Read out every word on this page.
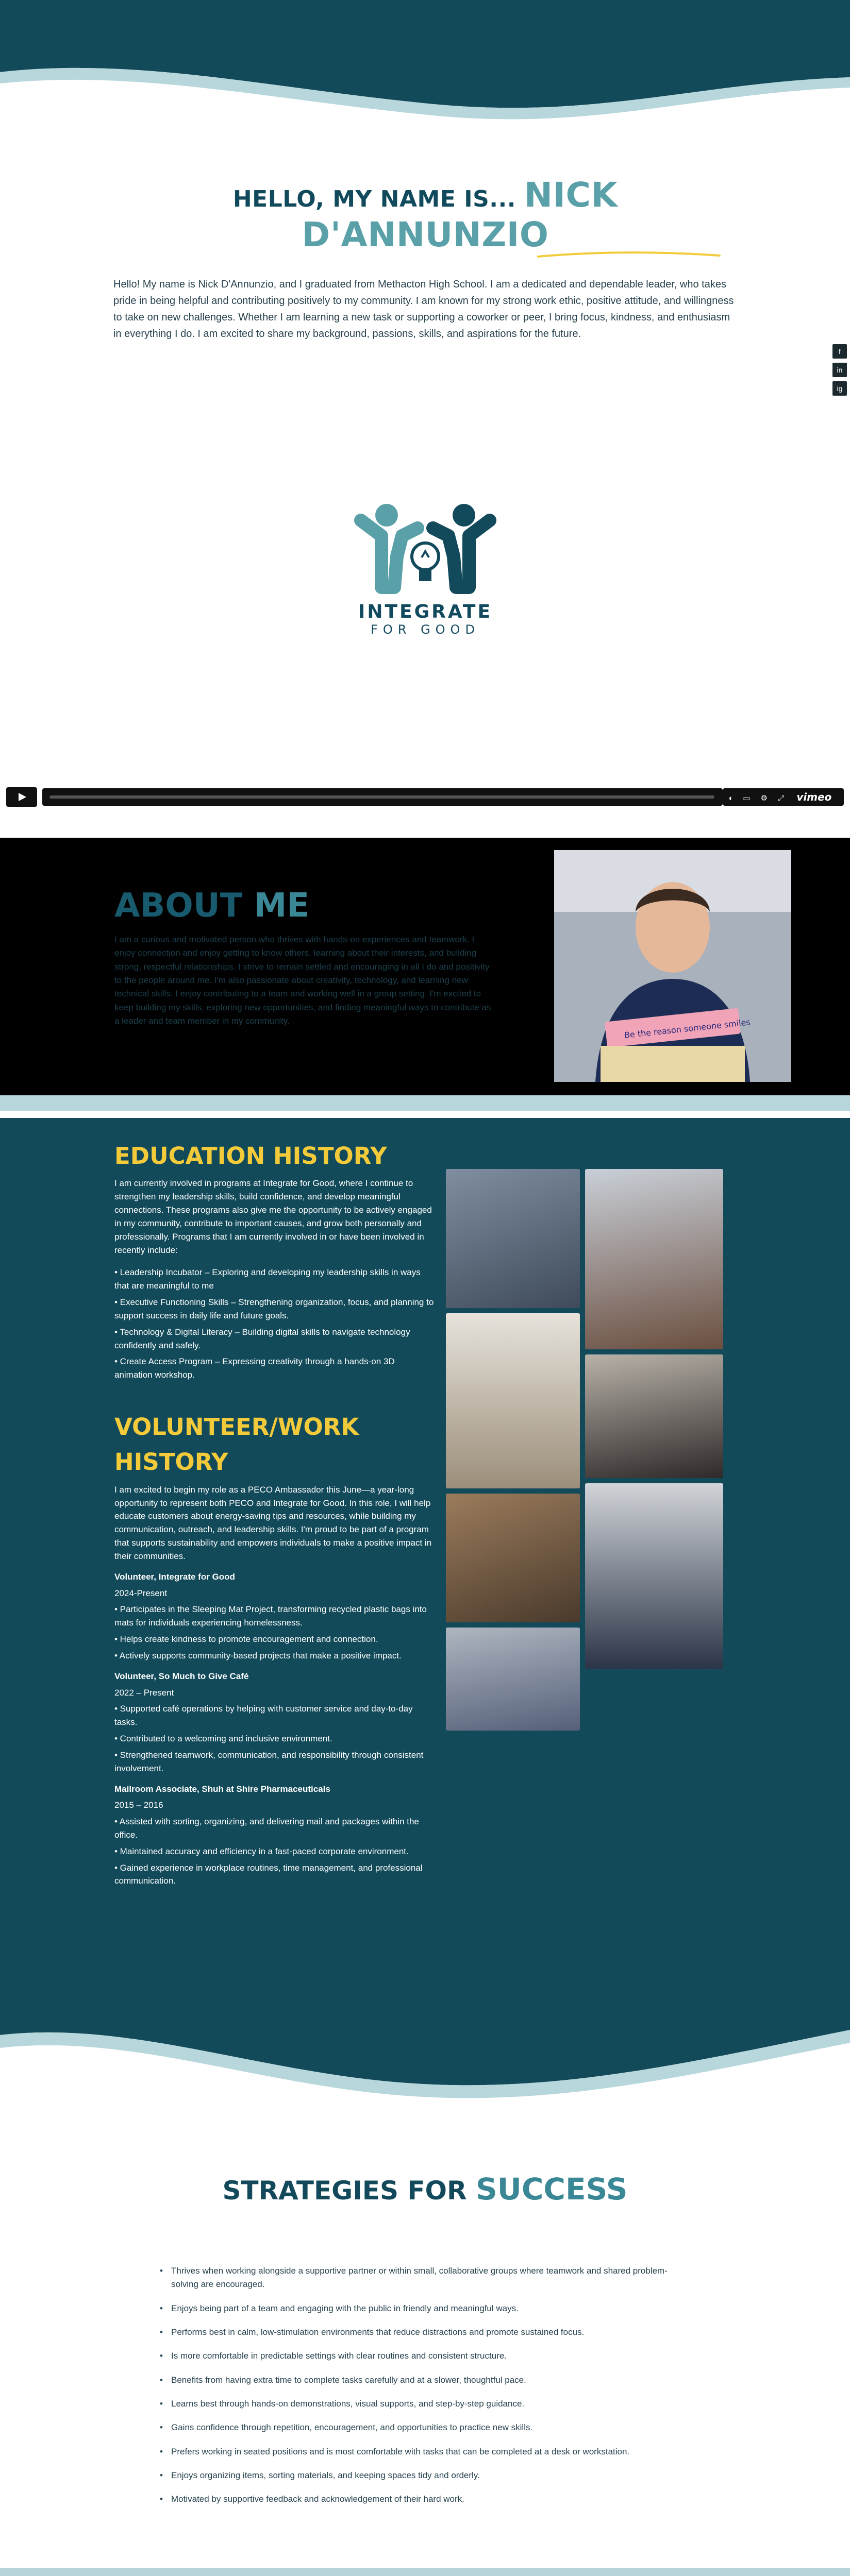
HELLO, MY NAME IS... NICK D'ANNUNZIO

Hello! My name is Nick D'Annunzio, and I graduated from Methacton High School. I am a dedicated and dependable leader, who takes pride in being helpful and contributing positively to my community. I am known for my strong work ethic, positive attitude, and willingness to take on new challenges. Whether I am learning a new task or supporting a coworker or peer, I bring focus, kindness, and enthusiasm in everything I do. I am excited to share my background, passions, skills, and aspirations for the future.

f
in
ig
INTEGRATE
FOR GOOD
◖ ▭ ⚙ ⤢ vimeo
ABOUT ME

I am a curious and motivated person who thrives with hands-on experiences and teamwork. I enjoy connection and enjoy getting to know others, learning about their interests, and building strong, respectful relationships. I strive to remain settled and encouraging in all I do and positivity to the people around me. I'm also passionate about creativity, technology, and learning new technical skills. I enjoy contributing to a team and working well in a group setting. I'm excited to keep building my skills, exploring new opportunities, and finding meaningful ways to contribute as a leader and team member in my community.	Be the reason someone smiles
EDUCATION HISTORY

I am currently involved in programs at Integrate for Good, where I continue to strengthen my leadership skills, build confidence, and develop meaningful connections. These programs also give me the opportunity to be actively engaged in my community, contribute to important causes, and grow both personally and professionally. Programs that I am currently involved in or have been involved in recently include:

• Leadership Incubator – Exploring and developing my leadership skills in ways that are meaningful to me

• Executive Functioning Skills – Strengthening organization, focus, and planning to support success in daily life and future goals.

• Technology & Digital Literacy – Building digital skills to navigate technology confidently and safely.

• Create Access Program – Expressing creativity through a hands-on 3D animation workshop.

VOLUNTEER/WORK HISTORY

I am excited to begin my role as a PECO Ambassador this June—a year-long opportunity to represent both PECO and Integrate for Good. In this role, I will help educate customers about energy-saving tips and resources, while building my communication, outreach, and leadership skills. I'm proud to be part of a program that supports sustainability and empowers individuals to make a positive impact in their communities.

Volunteer, Integrate for Good

2024-Present

• Participates in the Sleeping Mat Project, transforming recycled plastic bags into mats for individuals experiencing homelessness.

• Helps create kindness to promote encouragement and connection.

• Actively supports community-based projects that make a positive impact.

Volunteer, So Much to Give Café

2022 – Present

• Supported café operations by helping with customer service and day-to-day tasks.

• Contributed to a welcoming and inclusive environment.

• Strengthened teamwork, communication, and responsibility through consistent involvement.

Mailroom Associate, Shuh at Shire Pharmaceuticals

2015 – 2016

• Assisted with sorting, organizing, and delivering mail and packages within the office.

• Maintained accuracy and efficiency in a fast-paced corporate environment.

• Gained experience in workplace routines, time management, and professional communication.

STRATEGIES FOR SUCCESS
• Thrives when working alongside a supportive partner or within small, collaborative groups where teamwork and shared problem-solving are encouraged.
• Enjoys being part of a team and engaging with the public in friendly and meaningful ways.
• Performs best in calm, low-stimulation environments that reduce distractions and promote sustained focus.
• Is more comfortable in predictable settings with clear routines and consistent structure.
• Benefits from having extra time to complete tasks carefully and at a slower, thoughtful pace.
• Learns best through hands-on demonstrations, visual supports, and step-by-step guidance.
• Gains confidence through repetition, encouragement, and opportunities to practice new skills.
• Prefers working in seated positions and is most comfortable with tasks that can be completed at a desk or workstation.
• Enjoys organizing items, sorting materials, and keeping spaces tidy and orderly.
• Motivated by supportive feedback and acknowledgement of their hard work.
